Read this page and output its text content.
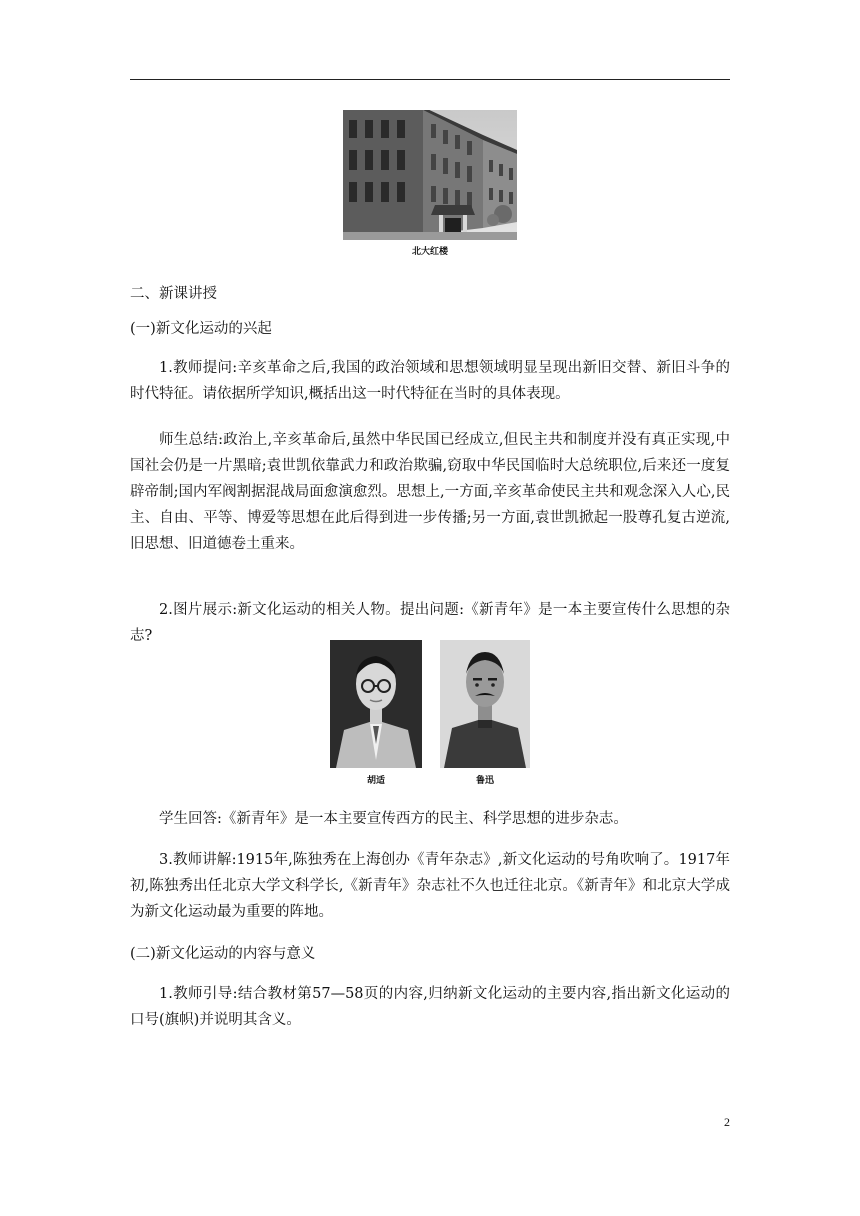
北大红楼
二、新课讲授
(一)新文化运动的兴起

1.教师提问:辛亥革命之后,我国的政治领域和思想领域明显呈现出新旧交替、新旧斗争的时代特征。请依据所学知识,概括出这一时代特征在当时的具体表现。

师生总结:政治上,辛亥革命后,虽然中华民国已经成立,但民主共和制度并没有真正实现,中国社会仍是一片黑暗;袁世凯依靠武力和政治欺骗,窃取中华民国临时大总统职位,后来还一度复辟帝制;国内军阀割据混战局面愈演愈烈。思想上,一方面,辛亥革命使民主共和观念深入人心,民主、自由、平等、博爱等思想在此后得到进一步传播;另一方面,袁世凯掀起一股尊孔复古逆流,旧思想、旧道德卷土重来。

2.图片展示:新文化运动的相关人物。提出问题:《新青年》是一本主要宣传什么思想的杂志?

胡适	鲁迅

学生回答:《新青年》是一本主要宣传西方的民主、科学思想的进步杂志。

3.教师讲解:1915年,陈独秀在上海创办《青年杂志》,新文化运动的号角吹响了。1917年初,陈独秀出任北京大学文科学长,《新青年》杂志社不久也迁往北京。《新青年》和北京大学成为新文化运动最为重要的阵地。

(二)新文化运动的内容与意义

1.教师引导:结合教材第57—58页的内容,归纳新文化运动的主要内容,指出新文化运动的口号(旗帜)并说明其含义。

2
